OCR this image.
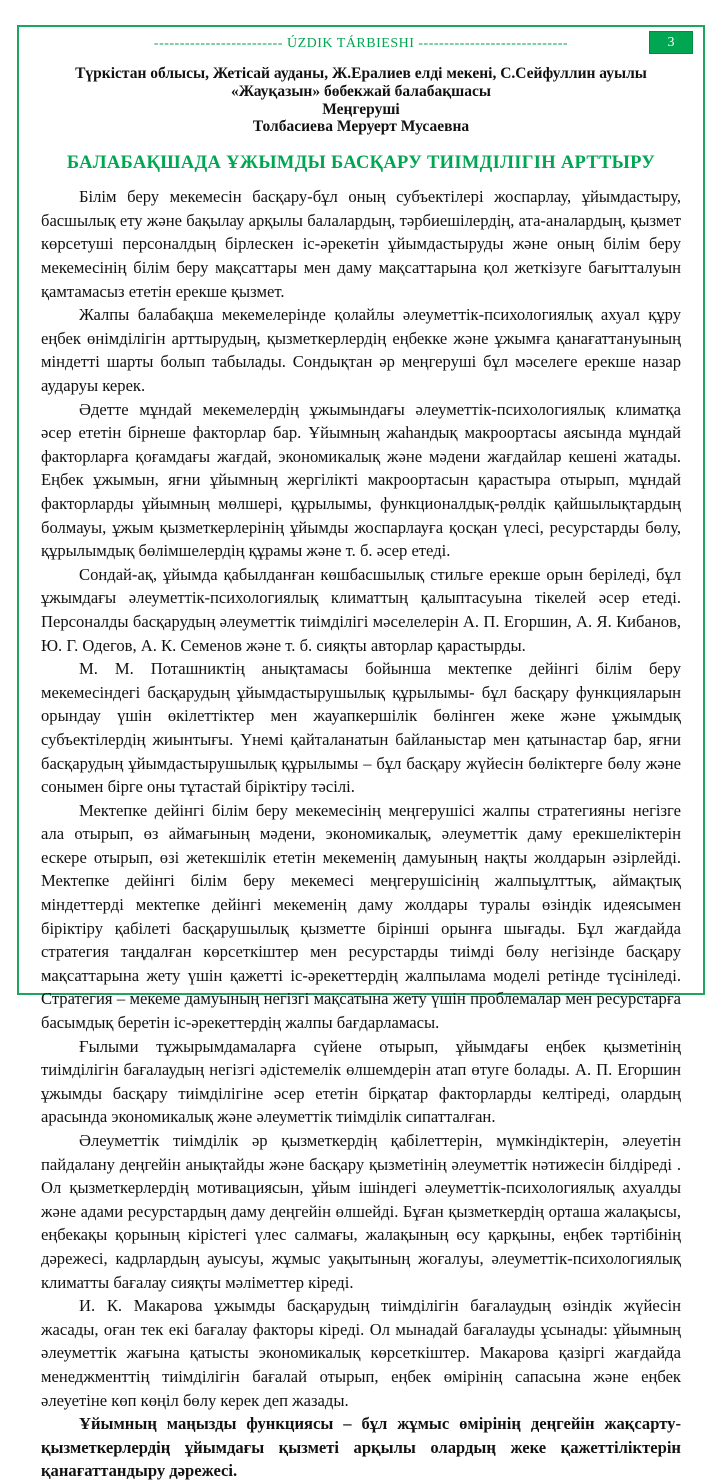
------------------------- ÚZDIK TÁRBIESHI -----------------------------
Түркістан облысы, Жетісай ауданы, Ж.Ералиев елді мекені, С.Сейфуллин ауылы
«Жауқазын» бөбекжай балабақшасы
Меңгеруші
Толбасиева Меруерт Мусаевна
БАЛАБАҚШАДА ҰЖЫМДЫ БАСҚАРУ ТИІМДІЛІГІН АРТТЫРУ

Білім беру мекемесін басқару-бұл оның субъектілері жоспарлау, ұйымдастыру, басшылық ету және бақылау арқылы балалардың, тәрбиешілердің, ата-аналардың, қызмет көрсетуші персоналдың бірлескен іс-әрекетін ұйымдастыруды және оның білім беру мекемесінің білім беру мақсаттары мен даму мақсаттарына қол жеткізуге бағытталуын қамтамасыз ететін ерекше қызмет.

Жалпы балабақша мекемелерінде қолайлы әлеуметтік-психологиялық ахуал құру еңбек өнімділігін арттырудың, қызметкерлердің еңбекке және ұжымға қанағаттануының міндетті шарты болып табылады. Сондықтан әр меңгеруші бұл мәселеге ерекше назар аударуы керек.

Әдетте мұндай мекемелердің ұжымындағы әлеуметтік-психологиялық климатқа әсер ететін бірнеше факторлар бар. Ұйымның жаһандық макроортасы аясында мұндай факторларға қоғамдағы жағдай, экономикалық және мәдени жағдайлар кешені жатады. Еңбек ұжымын, яғни ұйымның жергілікті макроортасын қарастыра отырып, мұндай факторларды ұйымның мөлшері, құрылымы, функционалдық-рөлдік қайшылықтардың болмауы, ұжым қызметкерлерінің ұйымды жоспарлауға қосқан үлесі, ресурстарды бөлу, құрылымдық бөлімшелердің құрамы және т. б. әсер етеді.

Сондай-ақ, ұйымда қабылданған көшбасшылық стильге ерекше орын беріледі, бұл ұжымдағы әлеуметтік-психологиялық климаттың қалыптасуына тікелей әсер етеді. Персоналды басқарудың әлеуметтік тиімділігі мәселелерін А. П. Егоршин, А. Я. Кибанов, Ю. Г. Одегов, А. К. Семенов және т. б. сияқты авторлар қарастырды.

М. М. Поташниктің анықтамасы бойынша мектепке дейінгі білім беру мекемесіндегі басқарудың ұйымдастырушылық құрылымы- бұл басқару функцияларын орындау үшін өкілеттіктер мен жауапкершілік бөлінген жеке және ұжымдық субъектілердің жиынтығы. Үнемі қайталанатын байланыстар мен қатынастар бар, яғни басқарудың ұйымдастырушылық құрылымы – бұл басқару жүйесін бөліктерге бөлу және сонымен бірге оны тұтастай біріктіру тәсілі.

Мектепке дейінгі білім беру мекемесінің меңгерушісі жалпы стратегияны негізге ала отырып, өз аймағының мәдени, экономикалық, әлеуметтік даму ерекшеліктерін ескере отырып, өзі жетекшілік ететін мекеменің дамуының нақты жолдарын әзірлейді. Мектепке дейінгі білім беру мекемесі меңгерушісінің жалпыұлттық, аймақтық міндеттерді мектепке дейінгі мекеменің даму жолдары туралы өзіндік идеясымен біріктіру қабілеті басқарушылық қызметте бірінші орынға шығады. Бұл жағдайда стратегия таңдалған көрсеткіштер мен ресурстарды тиімді бөлу негізінде басқару мақсаттарына жету үшін қажетті іс-әрекеттердің жалпылама моделі ретінде түсініледі. Стратегия – мекеме дамуының негізгі мақсатына жету үшін проблемалар мен ресурстарға басымдық беретін іс-әрекеттердің жалпы бағдарламасы.

Ғылыми тұжырымдамаларға сүйене отырып, ұйымдағы еңбек қызметінің тиімділігін бағалаудың негізгі әдістемелік өлшемдерін атап өтуге болады. А. П. Егоршин ұжымды басқару тиімділігіне әсер ететін бірқатар факторларды келтіреді, олардың арасында экономикалық және әлеуметтік тиімділік сипатталған.

Әлеуметтік тиімділік әр қызметкердің қабілеттерін, мүмкіндіктерін, әлеуетін пайдалану деңгейін анықтайды және басқару қызметінің әлеуметтік нәтижесін білдіреді . Ол қызметкерлердің мотивациясын, ұйым ішіндегі әлеуметтік-психологиялық ахуалды және адами ресурстардың даму деңгейін өлшейді. Бұған қызметкердің орташа жалақысы, еңбекақы қорының кірістегі үлес салмағы, жалақының өсу қарқыны, еңбек тәртібінің дәрежесі, кадрлардың ауысуы, жұмыс уақытының жоғалуы, әлеуметтік-психологиялық климатты бағалау сияқты мәліметтер кіреді.

И. К. Макарова ұжымды басқарудың тиімділігін бағалаудың өзіндік жүйесін жасады, оған тек екі бағалау факторы кіреді. Ол мынадай бағалауды ұсынады: ұйымның әлеуметтік жағына қатысты экономикалық көрсеткіштер. Макарова қазіргі жағдайда менеджменттің тиімділігін бағалай отырып, еңбек өмірінің сапасына және еңбек әлеуетіне көп көңіл бөлу керек деп жазады.

Ұйымның маңызды функциясы – бұл жұмыс өмірінің деңгейін жақсарту-қызметкерлердің ұйымдағы қызметі арқылы олардың жеке қажеттіліктерін қанағаттандыру дәрежесі.

3
